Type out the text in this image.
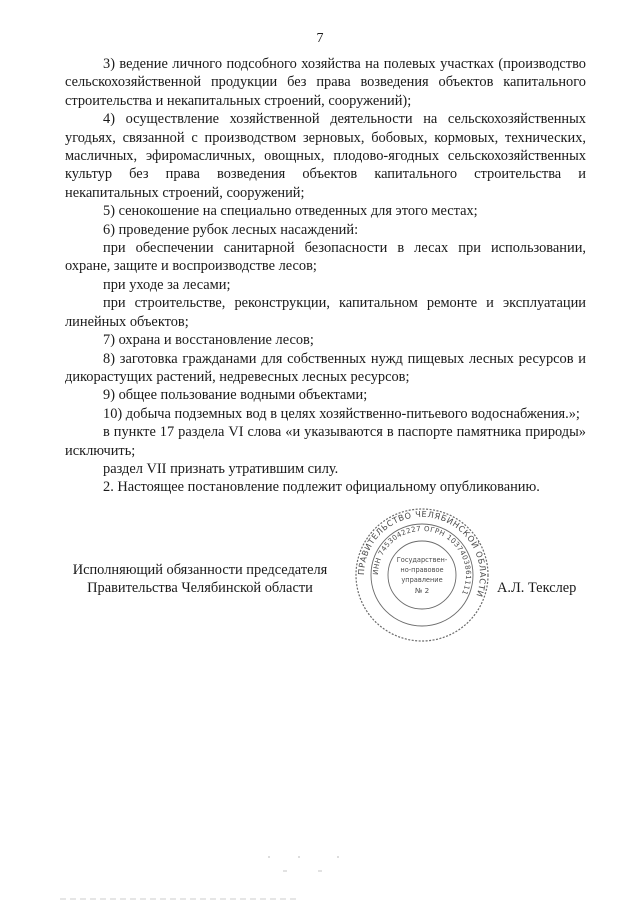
7

3) ведение личного подсобного хозяйства на полевых участках (производство сельскохозяйственной продукции без права возведения объектов капитального строительства и некапитальных строений, сооружений);

4) осуществление хозяйственной деятельности на сельскохозяйственных угодьях, связанной с производством зерновых, бобовых, кормовых, технических, масличных, эфиромасличных, овощных, плодово-ягодных сельскохозяйственных культур без права возведения объектов капитального строительства и некапитальных строений, сооружений;

5) сенокошение на специально отведенных для этого местах;

6) проведение рубок лесных насаждений:

при обеспечении санитарной безопасности в лесах при использовании, охране, защите и воспроизводстве лесов;

при уходе за лесами;

при строительстве, реконструкции, капитальном ремонте и эксплуатации линейных объектов;

7) охрана и восстановление лесов;

8) заготовка гражданами для собственных нужд пищевых лесных ресурсов и дикорастущих растений, недревесных лесных ресурсов;

9) общее пользование водными объектами;

10) добыча подземных вод в целях хозяйственно-питьевого водоснабжения.»;

в пункте 17 раздела VI слова «и указываются в паспорте памятника природы» исключить;

раздел VII признать утратившим силу.

2. Настоящее постановление подлежит официальному опубликованию.

Исполняющий обязанности председателя
Правительства Челябинской области	А.Л. Текслер
ПРАВИТЕЛЬСТВО ЧЕЛЯБИНСКОЙ ОБЛАСТИ
ИНН 7453042227 ОГРН 1037403861111
Государствен-
но-правовое
управление
№ 2
